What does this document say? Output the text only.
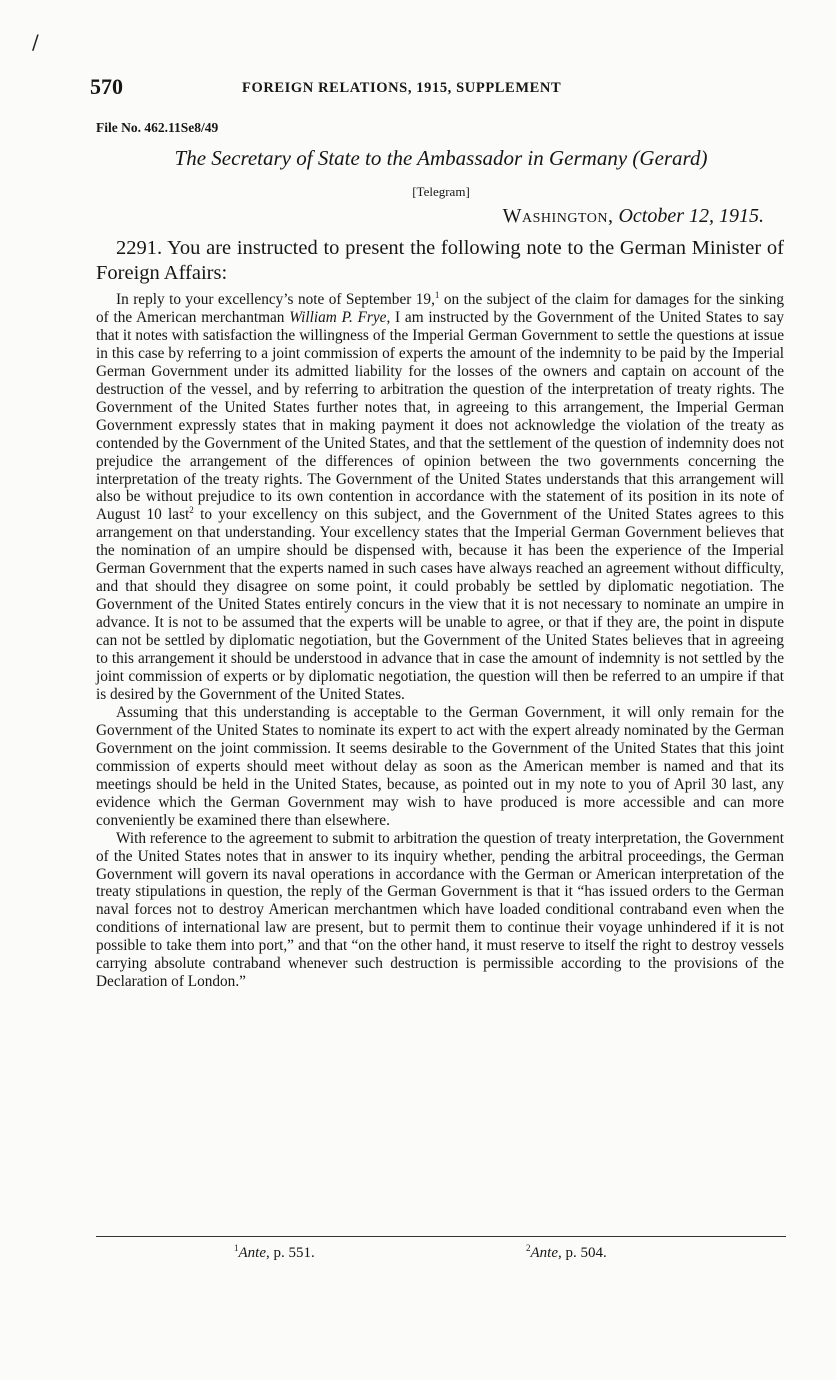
/
570	FOREIGN RELATIONS, 1915, SUPPLEMENT
File No. 462.11Se8/49
The Secretary of State to the Ambassador in Germany (Gerard)
[Telegram]
Washington, October 12, 1915.

2291. You are instructed to present the following note to the German Minister of Foreign Affairs:

In reply to your excellency’s note of September 19,$^1$ on the subject of the claim for damages for the sinking of the American merchantman William P. Frye, I am instructed by the Government of the United States to say that it notes with satisfaction the willingness of the Imperial German Government to settle the questions at issue in this case by referring to a joint commission of experts the amount of the indemnity to be paid by the Imperial German Government under its admitted liability for the losses of the owners and captain on account of the destruction of the vessel, and by referring to arbitration the question of the interpretation of treaty rights. The Government of the United States further notes that, in agreeing to this arrangement, the Imperial German Government expressly states that in making payment it does not acknowledge the violation of the treaty as contended by the Government of the United States, and that the settlement of the question of indemnity does not prejudice the arrangement of the differences of opinion between the two governments concerning the interpretation of the treaty rights. The Government of the United States understands that this arrangement will also be without prejudice to its own contention in accordance with the statement of its position in its note of August 10 last$^2$ to your excellency on this subject, and the Government of the United States agrees to this arrangement on that understanding. Your excellency states that the Imperial German Government believes that the nomination of an umpire should be dispensed with, because it has been the experience of the Imperial German Government that the experts named in such cases have always reached an agreement without difficulty, and that should they disagree on some point, it could probably be settled by diplomatic negotiation. The Government of the United States entirely concurs in the view that it is not necessary to nominate an umpire in advance. It is not to be assumed that the experts will be unable to agree, or that if they are, the point in dispute can not be settled by diplomatic negotiation, but the Government of the United States believes that in agreeing to this arrangement it should be understood in advance that in case the amount of indemnity is not settled by the joint commission of experts or by diplomatic negotiation, the question will then be referred to an umpire if that is desired by the Government of the United States.

Assuming that this understanding is acceptable to the German Government, it will only remain for the Government of the United States to nominate its expert to act with the expert already nominated by the German Government on the joint commission. It seems desirable to the Government of the United States that this joint commission of experts should meet without delay as soon as the American member is named and that its meetings should be held in the United States, because, as pointed out in my note to you of April 30 last, any evidence which the German Government may wish to have produced is more accessible and can more conveniently be examined there than elsewhere.

With reference to the agreement to submit to arbitration the question of treaty interpretation, the Government of the United States notes that in answer to its inquiry whether, pending the arbitral proceedings, the German Government will govern its naval operations in accordance with the German or American interpretation of the treaty stipulations in question, the reply of the German Government is that it “has issued orders to the German naval forces not to destroy American merchantmen which have loaded conditional contraband even when the conditions of international law are present, but to permit them to continue their voyage unhindered if it is not possible to take them into port,” and that “on the other hand, it must reserve to itself the right to destroy vessels carrying absolute contraband whenever such destruction is permissible according to the provisions of the Declaration of London.”

$^1$Ante, p. 551.	$^2$Ante, p. 504.
